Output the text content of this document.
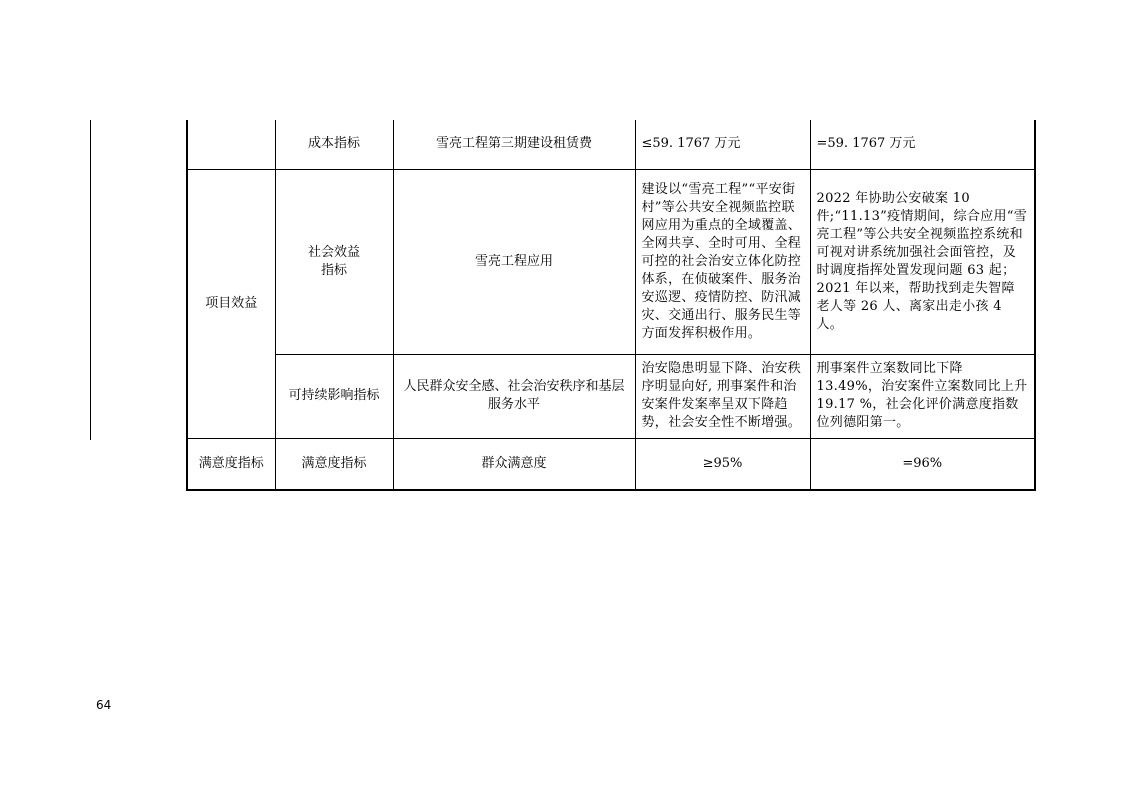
	成本指标	雪亮工程第三期建设租赁费	≤59. 1767 万元	=59. 1767 万元
项目效益	社会效益指标	雪亮工程应用	建设以“雪亮工程”“平安街村”等公共安全视频监控联网应用为重点的全域覆盖、全网共享、全时可用、全程可控的社会治安立体化防控体系，在侦破案件、服务治安巡逻、疫情防控、防汛减灾、交通出行、服务民生等方面发挥积极作用。	2022 年协助公安破案 10 件;“11.13”疫情期间，综合应用“雪亮工程”等公共安全视频监控系统和可视对讲系统加强社会面管控，及时调度指挥处置发现问题 63 起；2021 年以来，帮助找到走失智障老人等 26 人、离家出走小孩 4 人。
	可持续影响指标	人民群众安全感、社会治安秩序和基层服务水平	治安隐患明显下降、治安秩序明显向好, 刑事案件和治安案件发案率呈双下降趋势，社会安全性不断增强。	刑事案件立案数同比下降 13.49%，治安案件立案数同比上升 19.17 %，社会化评价满意度指数位列德阳第一。
满意度指标	满意度指标	群众满意度	≥95%	=96%
64
